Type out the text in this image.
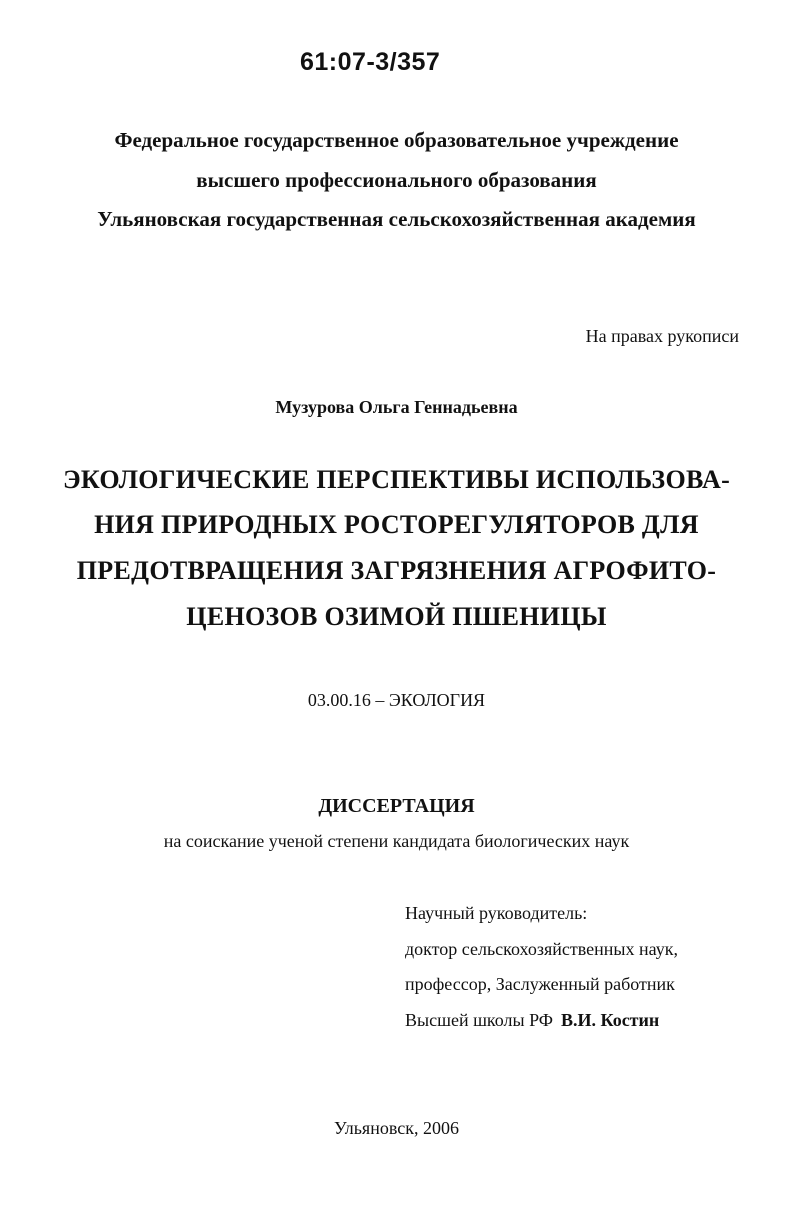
61:07-3/357
Федеральное государственное образовательное учреждение
высшего профессионального образования
Ульяновская государственная сельскохозяйственная академия
На правах рукописи
Музурова Ольга Геннадьевна
ЭКОЛОГИЧЕСКИЕ ПЕРСПЕКТИВЫ ИСПОЛЬЗОВА-
НИЯ ПРИРОДНЫХ РОСТОРЕГУЛЯТОРОВ ДЛЯ
ПРЕДОТВРАЩЕНИЯ ЗАГРЯЗНЕНИЯ АГРОФИТО-
ЦЕНОЗОВ ОЗИМОЙ ПШЕНИЦЫ
03.00.16 – ЭКОЛОГИЯ
ДИССЕРТАЦИЯ
на соискание ученой степени кандидата биологических наук
Научный руководитель:
доктор сельскохозяйственных наук,
профессор, Заслуженный работник
Высшей школы РФ В.И. Костин
Ульяновск, 2006
